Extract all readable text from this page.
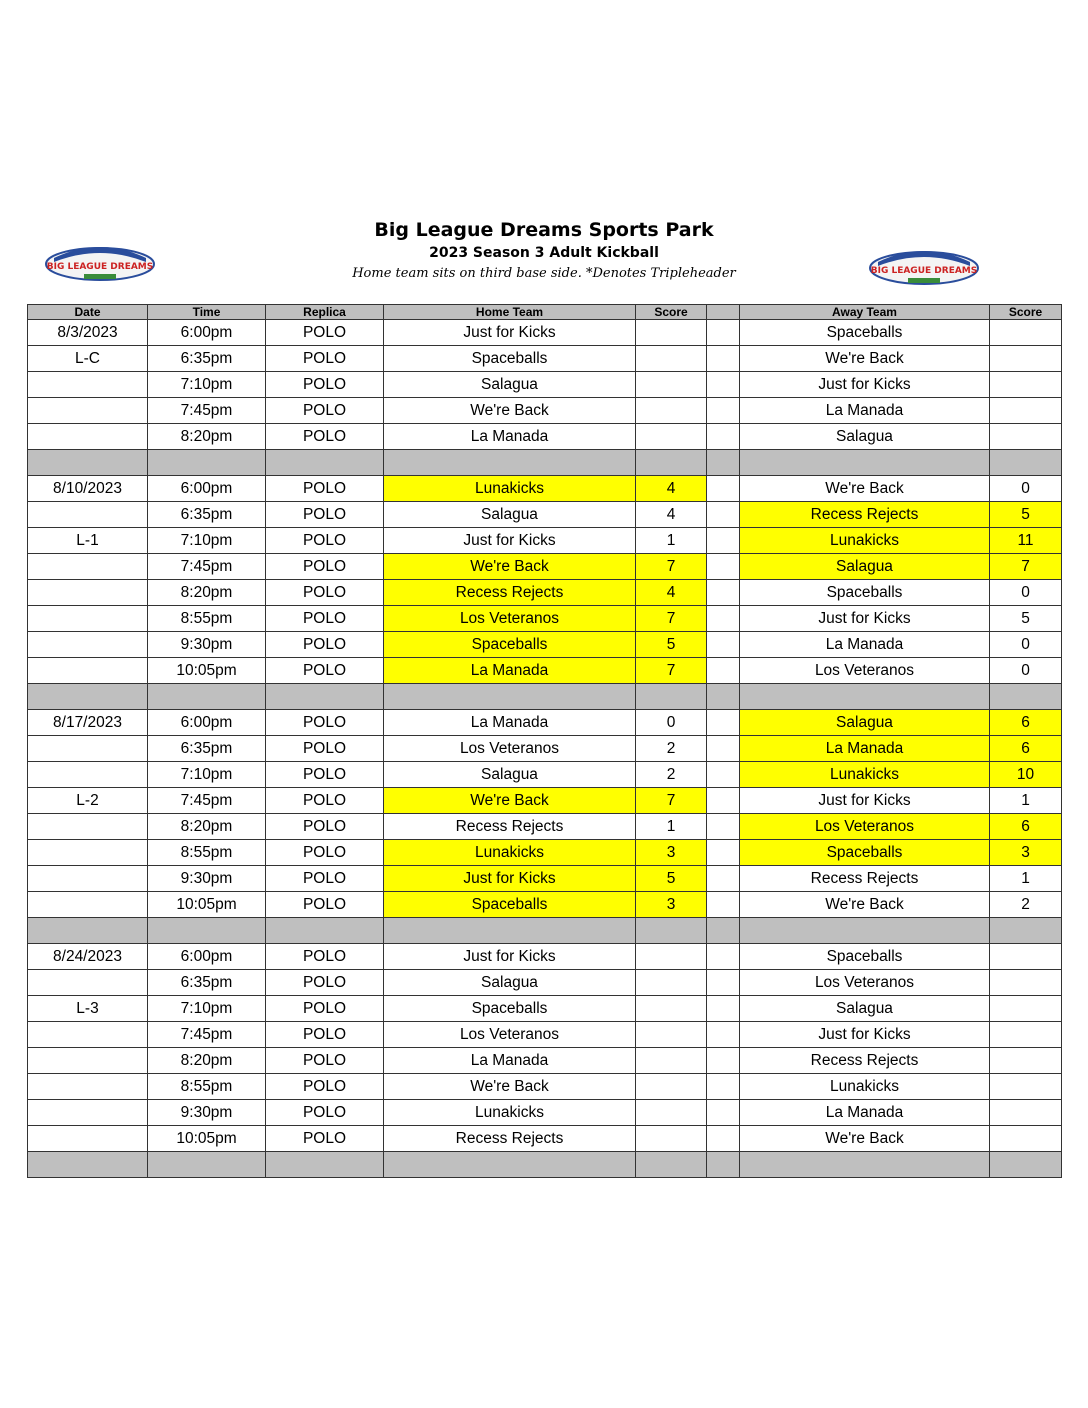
BIG LEAGUE DREAMS	BIG LEAGUE DREAMS
Big League Dreams Sports Park
2023 Season 3 Adult Kickball
Home team sits on third base side. *Denotes Tripleheader
Date	Time	Replica	Home Team	Score		Away Team	Score
8/3/2023	6:00pm	POLO	Just for Kicks			Spaceballs	
L-C	6:35pm	POLO	Spaceballs			We're Back	
	7:10pm	POLO	Salagua			Just for Kicks	
	7:45pm	POLO	We're Back			La Manada	
	8:20pm	POLO	La Manada			Salagua	

8/10/2023	6:00pm	POLO	Lunakicks	4		We're Back	0
	6:35pm	POLO	Salagua	4		Recess Rejects	5
L-1	7:10pm	POLO	Just for Kicks	1		Lunakicks	11
	7:45pm	POLO	We're Back	7		Salagua	7
	8:20pm	POLO	Recess Rejects	4		Spaceballs	0
	8:55pm	POLO	Los Veteranos	7		Just for Kicks	5
	9:30pm	POLO	Spaceballs	5		La Manada	0
	10:05pm	POLO	La Manada	7		Los Veteranos	0

8/17/2023	6:00pm	POLO	La Manada	0		Salagua	6
	6:35pm	POLO	Los Veteranos	2		La Manada	6
	7:10pm	POLO	Salagua	2		Lunakicks	10
L-2	7:45pm	POLO	We're Back	7		Just for Kicks	1
	8:20pm	POLO	Recess Rejects	1		Los Veteranos	6
	8:55pm	POLO	Lunakicks	3		Spaceballs	3
	9:30pm	POLO	Just for Kicks	5		Recess Rejects	1
	10:05pm	POLO	Spaceballs	3		We're Back	2

8/24/2023	6:00pm	POLO	Just for Kicks			Spaceballs	
	6:35pm	POLO	Salagua			Los Veteranos	
L-3	7:10pm	POLO	Spaceballs			Salagua	
	7:45pm	POLO	Los Veteranos			Just for Kicks	
	8:20pm	POLO	La Manada			Recess Rejects	
	8:55pm	POLO	We're Back			Lunakicks	
	9:30pm	POLO	Lunakicks			La Manada	
	10:05pm	POLO	Recess Rejects			We're Back	
